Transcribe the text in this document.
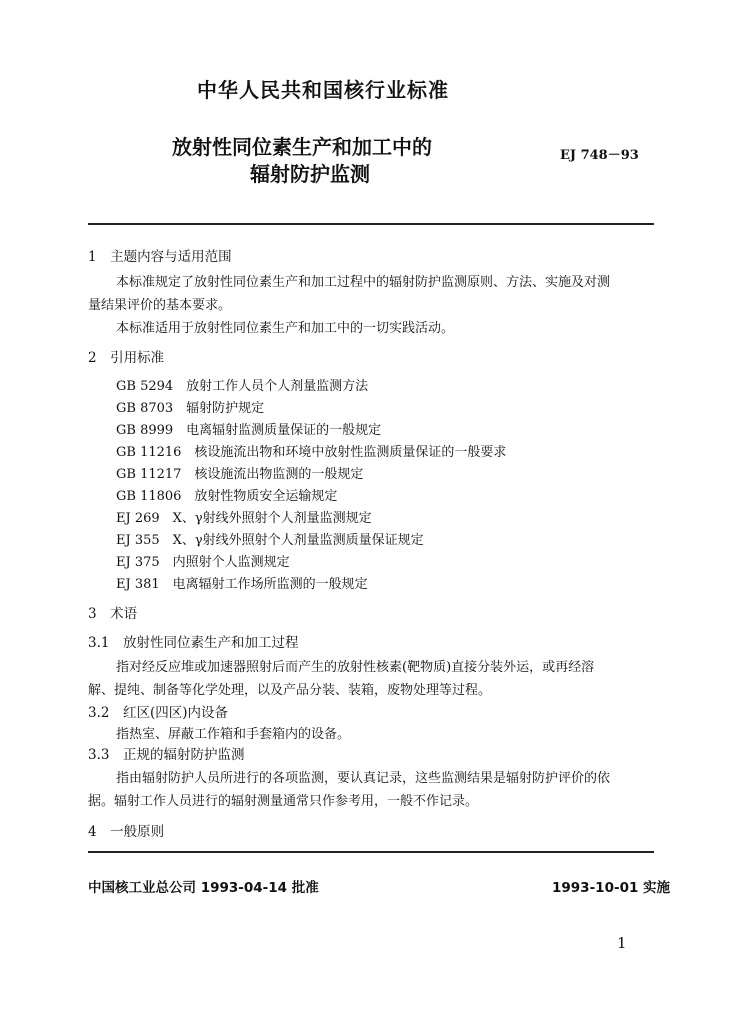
中华人民共和国核行业标准
放射性同位素生产和加工中的
辐射防护监测
EJ 748－93
1　主题内容与适用范围
本标准规定了放射性同位素生产和加工过程中的辐射防护监测原则、方法、实施及对测
量结果评价的基本要求。
本标准适用于放射性同位素生产和加工中的一切实践活动。
2　引用标准
GB 5294　放射工作人员个人剂量监测方法
GB 8703　辐射防护规定
GB 8999　电离辐射监测质量保证的一般规定
GB 11216　核设施流出物和环境中放射性监测质量保证的一般要求
GB 11217　核设施流出物监测的一般规定
GB 11806　放射性物质安全运输规定
EJ 269　X、γ射线外照射个人剂量监测规定
EJ 355　X、γ射线外照射个人剂量监测质量保证规定
EJ 375　内照射个人监测规定
EJ 381　电离辐射工作场所监测的一般规定
3　术语
3.1　放射性同位素生产和加工过程
指对经反应堆或加速器照射后而产生的放射性核素(靶物质)直接分装外运，或再经溶
解、提纯、制备等化学处理，以及产品分装、装箱，废物处理等过程。
3.2　红区(四区)内设备
指热室、屏蔽工作箱和手套箱内的设备。
3.3　正规的辐射防护监测
指由辐射防护人员所进行的各项监测，要认真记录，这些监测结果是辐射防护评价的依
据。辐射工作人员进行的辐射测量通常只作参考用，一般不作记录。
4　一般原则
中国核工业总公司 1993-04-14 批准	1993-10-01 实施
1
